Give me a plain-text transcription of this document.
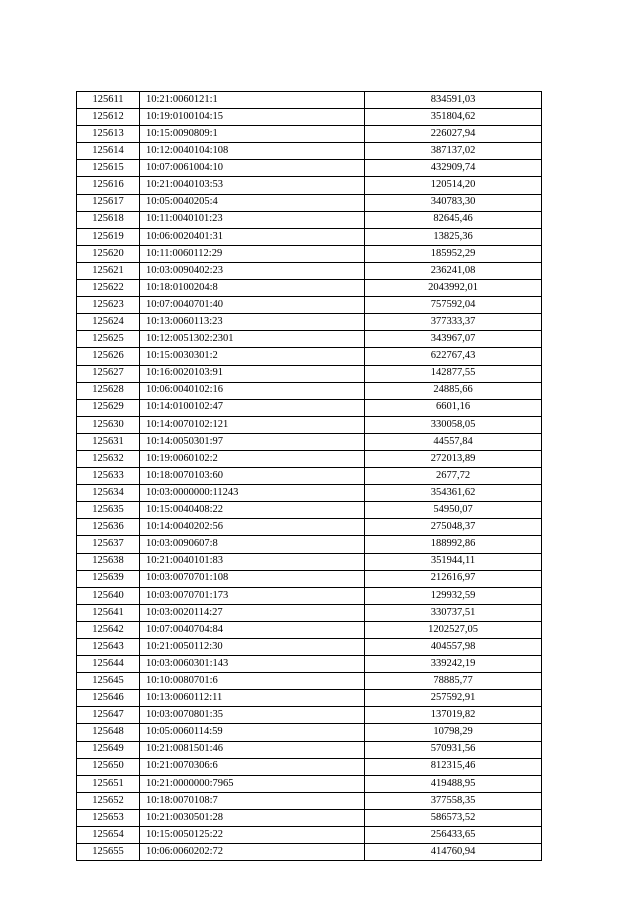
125611	10:21:0060121:1	834591,03
125612	10:19:0100104:15	351804,62
125613	10:15:0090809:1	226027,94
125614	10:12:0040104:108	387137,02
125615	10:07:0061004:10	432909,74
125616	10:21:0040103:53	120514,20
125617	10:05:0040205:4	340783,30
125618	10:11:0040101:23	82645,46
125619	10:06:0020401:31	13825,36
125620	10:11:0060112:29	185952,29
125621	10:03:0090402:23	236241,08
125622	10:18:0100204:8	2043992,01
125623	10:07:0040701:40	757592,04
125624	10:13:0060113:23	377333,37
125625	10:12:0051302:2301	343967,07
125626	10:15:0030301:2	622767,43
125627	10:16:0020103:91	142877,55
125628	10:06:0040102:16	24885,66
125629	10:14:0100102:47	6601,16
125630	10:14:0070102:121	330058,05
125631	10:14:0050301:97	44557,84
125632	10:19:0060102:2	272013,89
125633	10:18:0070103:60	2677,72
125634	10:03:0000000:11243	354361,62
125635	10:15:0040408:22	54950,07
125636	10:14:0040202:56	275048,37
125637	10:03:0090607:8	188992,86
125638	10:21:0040101:83	351944,11
125639	10:03:0070701:108	212616,97
125640	10:03:0070701:173	129932,59
125641	10:03:0020114:27	330737,51
125642	10:07:0040704:84	1202527,05
125643	10:21:0050112:30	404557,98
125644	10:03:0060301:143	339242,19
125645	10:10:0080701:6	78885,77
125646	10:13:0060112:11	257592,91
125647	10:03:0070801:35	137019,82
125648	10:05:0060114:59	10798,29
125649	10:21:0081501:46	570931,56
125650	10:21:0070306:6	812315,46
125651	10:21:0000000:7965	419488,95
125652	10:18:0070108:7	377558,35
125653	10:21:0030501:28	586573,52
125654	10:15:0050125:22	256433,65
125655	10:06:0060202:72	414760,94
